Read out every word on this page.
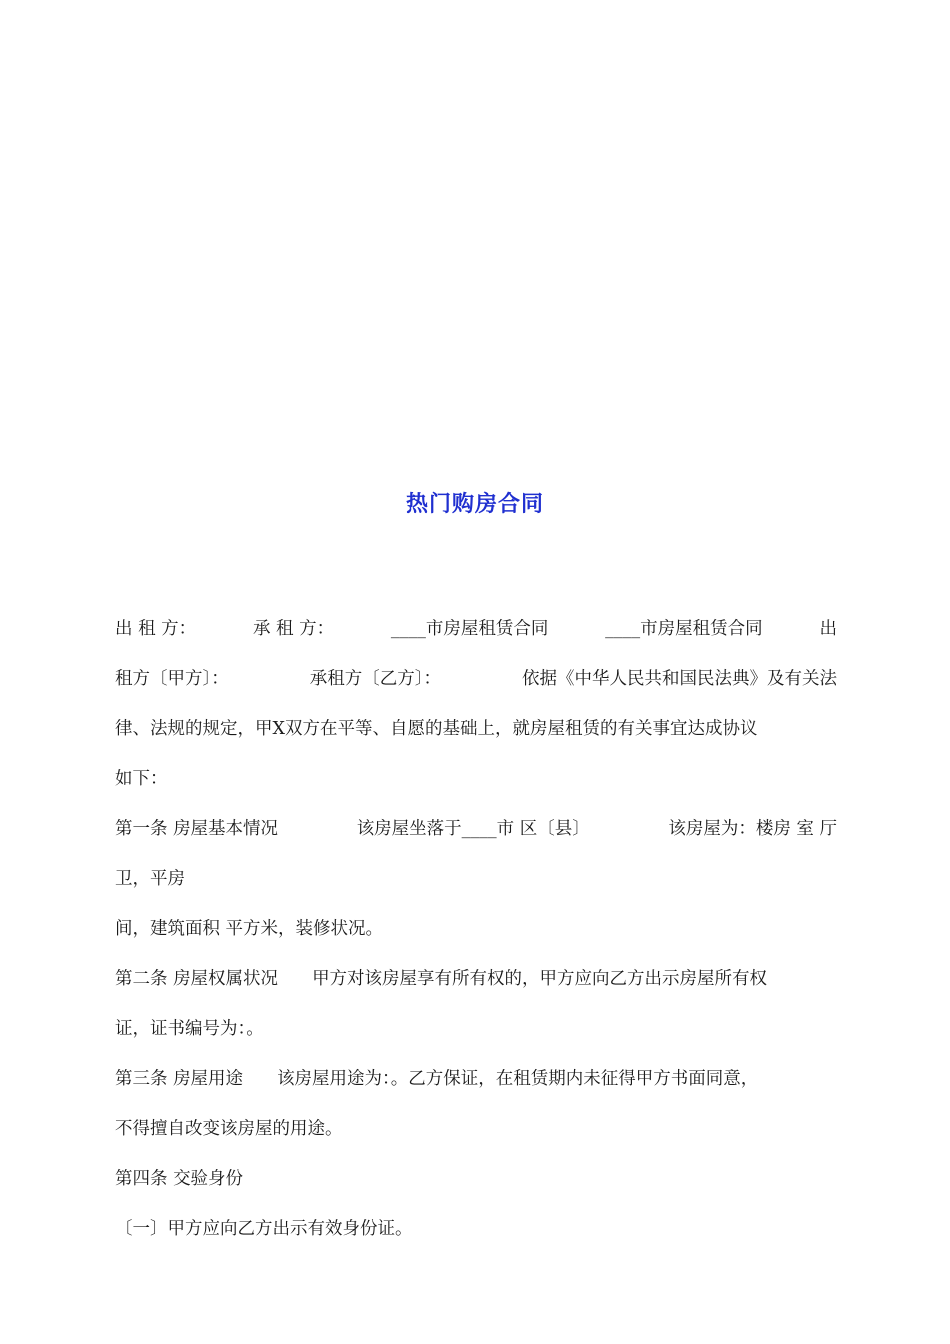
热门购房合同
出 租 方：	承 租 方：	____市房屋租赁合同	____市房屋租赁合同	出
租方〔甲方〕：	承租方〔乙方〕：	依据《中华人民共和国民法典》及有关法
律、法规的规定，甲X双方在平等、自愿的基础上，就房屋租赁的有关事宜达成协议
如下：
第一条 房屋基本情况	该房屋坐落于____市 区〔县〕	该房屋为：楼房 室 厅
卫，平房
间，建筑面积 平方米，装修状况。
第二条 房屋权属状况 甲方对该房屋享有所有权的，甲方应向乙方出示房屋所有权
证，证书编号为：。
第三条 房屋用途 该房屋用途为：。乙方保证，在租赁期内未征得甲方书面同意，
不得擅自改变该房屋的用途。
第四条 交验身份
〔一〕甲方应向乙方出示有效身份证。
